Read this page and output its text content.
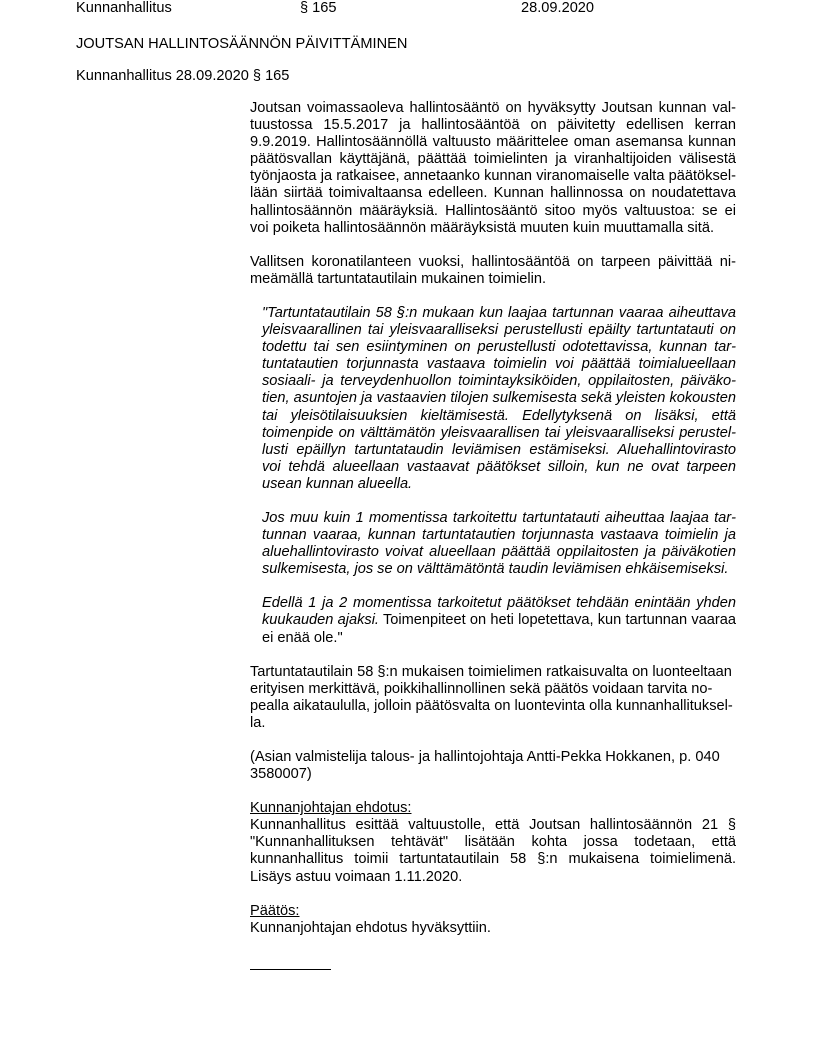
Kunnanhallitus	§ 165	28.09.2020
JOUTSAN HALLINTOSÄÄNNÖN PÄIVITTÄMINEN
Kunnanhallitus 28.09.2020 § 165

Joutsan voimassaoleva hallintosääntö on hyväksytty Joutsan kunnan valtuustossa 15.5.2017 ja hallintosääntöä on päivitetty edellisen kerran 9.9.2019. Hallintosäännöllä valtuusto määrittelee oman asemansa kunnan päätösvallan käyttäjänä, päättää toimielinten ja viranhaltijoiden välisestä työnjaosta ja ratkaisee, annetaanko kunnan viranomaiselle valta päätöksellään siirtää toimivaltaansa edelleen. Kunnan hallinnossa on noudatettava hallintosäännön määräyksiä. Hallintosääntö sitoo myös valtuustoa: se ei voi poiketa hallintosäännön määräyksistä muuten kuin muuttamalla sitä.

Vallitsen koronatilanteen vuoksi, hallintosääntöä on tarpeen päivittää nimeämällä tartuntatautilain mukainen toimielin.

"Tartuntatautilain 58 §:n mukaan kun laajaa tartunnan vaaraa aiheuttava yleisvaarallinen tai yleisvaaralliseksi perustellusti epäilty tartuntatauti on todettu tai sen esiintyminen on perustellusti odotettavissa, kunnan tartuntatautien torjunnasta vastaava toimielin voi päättää toimialueellaan sosiaali- ja terveydenhuollon toimintayksiköiden, oppilaitosten, päiväkotien, asuntojen ja vastaavien tilojen sulkemisesta sekä yleisten kokousten tai yleisötilaisuuksien kieltämisestä. Edellytyksenä on lisäksi, että toimenpide on välttämätön yleisvaarallisen tai yleisvaaralliseksi perustellusti epäillyn tartuntataudin leviämisen estämiseksi. Aluehallintovirasto voi tehdä alueellaan vastaavat päätökset silloin, kun ne ovat tarpeen usean kunnan alueella.

Jos muu kuin 1 momentissa tarkoitettu tartuntatauti aiheuttaa laajaa tartunnan vaaraa, kunnan tartuntatautien torjunnasta vastaava toimielin ja aluehallintovirasto voivat alueellaan päättää oppilaitosten ja päiväkotien sulkemisesta, jos se on välttämätöntä taudin leviämisen ehkäisemiseksi.

Edellä 1 ja 2 momentissa tarkoitetut päätökset tehdään enintään yhden kuukauden ajaksi. Toimenpiteet on heti lopetettava, kun tartunnan vaaraa ei enää ole."

Tartuntatautilain 58 §:n mukaisen toimielimen ratkaisuvalta on luonteeltaan erityisen merkittävä, poikkihallinnollinen sekä päätös voidaan tarvita no-
pealla aikataululla, jolloin päätösvalta on luontevinta olla kunnanhallituksel-
la.

(Asian valmistelija talous- ja hallintojohtaja Antti-Pekka Hokkanen, p. 040 3580007)

Kunnanjohtajan ehdotus:
Kunnanhallitus esittää valtuustolle, että Joutsan hallintosäännön 21 § "Kunnanhallituksen tehtävät" lisätään kohta jossa todetaan, että kunnanhallitus toimii tartuntatautilain 58 §:n mukaisena toimielimenä. Lisäys astuu voimaan 1.11.2020.
Päätös:
Kunnanjohtajan ehdotus hyväksyttiin.
